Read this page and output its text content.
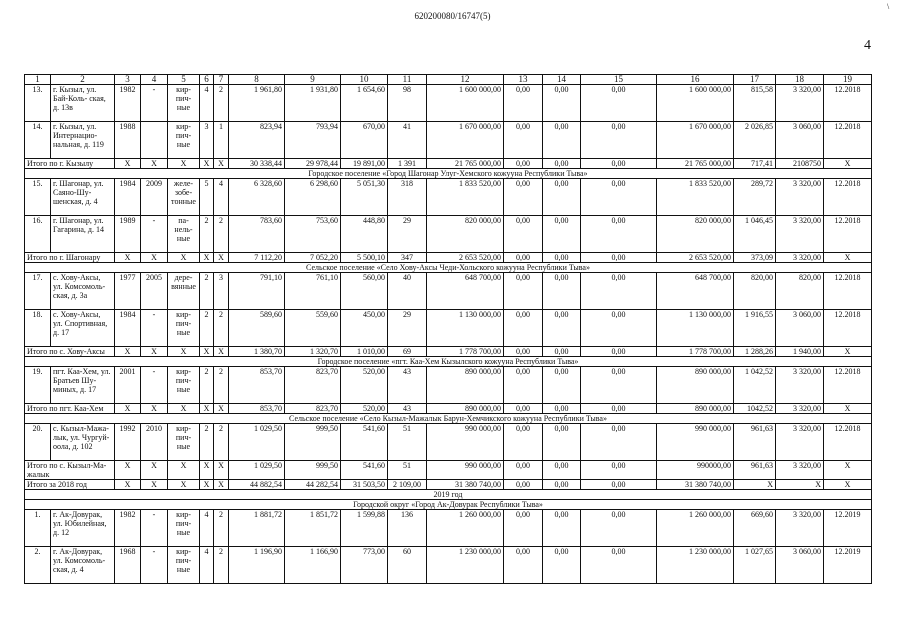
\
620200080/16747(5)
4
1	2	3	4	5	6	7	8	9	10	11	12	13	14	15	16	17	18	19
13.	г. Кызыл, ул. Бай-Коль- ская, д. 13в	1982	-	кир- пич- ные	4	2	1 961,80	1 931,80	1 654,60	98	1 600 000,00	0,00	0,00	0,00	1 600 000,00	815,58	3 320,00	12.2018
14.	г. Кызыл, ул. Интернацио- нальная, д. 119	1988		кир- пич- ные	3	1	823,94	793,94	670,00	41	1 670 000,00	0,00	0,00	0,00	1 670 000,00	2 026,85	3 060,00	12.2018
Итого по г. Кызылу		X	X	X	X	X	30 338,44	29 978,44	19 891,00	1 391	21 765 000,00	0,00	0,00	0,00	21 765 000,00	717,41	2108750	X
Городское поселение «Город Шагонар Улуг-Хемского кожууна Республики Тыва»																		
15.	г. Шагонар, ул. Саяно-Шу- шенская, д. 4	1984	2009	желе- зобе- тонные	5	4	6 328,60	6 298,60	5 051,30	318	1 833 520,00	0,00	0,00	0,00	1 833 520,00	289,72	3 320,00	12.2018
16.	г. Шагонар, ул. Гагарина, д. 14	1989	-	па- нель- ные	2	2	783,60	753,60	448,80	29	820 000,00	0,00	0,00	0,00	820 000,00	1 046,45	3 320,00	12.2018
Итого по г. Шагонару		X	X	X	X	X	7 112,20	7 052,20	5 500,10	347	2 653 520,00	0,00	0,00	0,00	2 653 520,00	373,09	3 320,00	X
Сельское поселение «Село Хову-Аксы Чеди-Хольского кожууна Республики Тыва»																		
17.	с. Хову-Аксы, ул. Комсомоль- ская, д. 3а	1977	2005	дере- вянные	2	3	791,10	761,10	560,00	40	648 700,00	0,00	0,00	0,00	648 700,00	820,00	820,00	12.2018
18.	с. Хову-Аксы, ул. Спортивная, д. 17	1984	-	кир- пич- ные	2	2	589,60	559,60	450,00	29	1 130 000,00	0,00	0,00	0,00	1 130 000,00	1 916,55	3 060,00	12.2018
Итого по с. Хову-Аксы		X	X	X	X	X	1 380,70	1 320,70	1 010,00	69	1 778 700,00	0,00	0,00	0,00	1 778 700,00	1 288,26	1 940,00	X
Городское поселение «пгт. Каа-Хем Кызылского кожууна Республики Тыва»																		
19.	пгт. Каа-Хем, ул. Братьев Шу- миных, д. 17	2001	-	кир- пич- ные	2	2	853,70	823,70	520,00	43	890 000,00	0,00	0,00	0,00	890 000,00	1 042,52	3 320,00	12.2018
Итого по пгт. Каа-Хем		X	X	X	X	X	853,70	823,70	520,00	43	890 000,00	0,00	0,00	0,00	890 000,00	1042,52	3 320,00	X
Сельское поселение «Село Кызыл-Мажалык Барун-Хемчикского кожууна Республики Тыва»																		
20.	с. Кызыл-Мажа- лык, ул. Чургуй- оола, д. 102	1992	2010	кир- пич- ные	2	2	1 029,50	999,50	541,60	51	990 000,00	0,00	0,00	0,00	990 000,00	961,63	3 320,00	12.2018
Итого по с. Кызыл-Ма- жалык		X	X	X	X	X	1 029,50	999,50	541,60	51	990 000,00	0,00	0,00	0,00	990000,00	961,63	3 320,00	X
Итого за 2018 год		X	X	X	X	X	44 882,54	44 282,54	31 503,50	2 109,00	31 380 740,00	0,00	0,00	0,00	31 380 740,00	X	X	X
2019 год																		
Городской округ «Город Ак-Довурак Республики Тыва»																		
1.	г. Ак-Довурак, ул. Юбилейная, д. 12	1982	-	кир- пич- ные	4	2	1 881,72	1 851,72	1 599,88	136	1 260 000,00	0,00	0,00	0,00	1 260 000,00	669,60	3 320,00	12.2019
2.	г. Ак-Довурак, ул. Комсомоль- ская, д. 4	1968	-	кир- пич- ные	4	2	1 196,90	1 166,90	773,00	60	1 230 000,00	0,00	0,00	0,00	1 230 000,00	1 027,65	3 060,00	12.2019
